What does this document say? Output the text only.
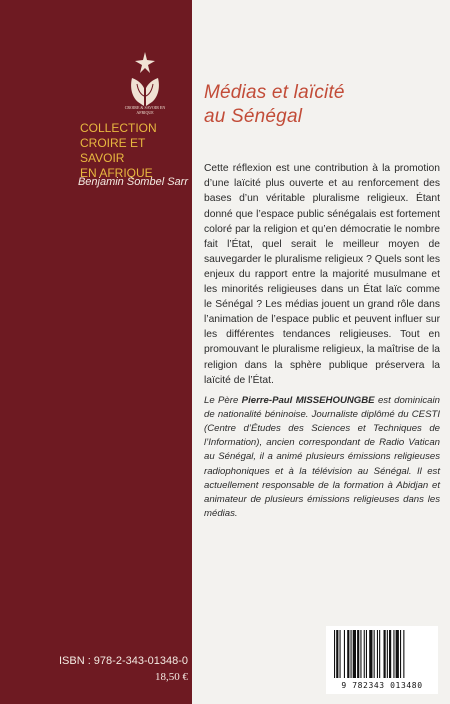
CROIRE & SAVOIR EN AFRIQUE
COLLECTION
CROIRE ET SAVOIR
EN AFRIQUE
Benjamin Sombel Sarr
ISBN : 978-2-343-01348-0
18,50 €
Médias et laïcité
au Sénégal

Cette réflexion est une contribution à la promotion d’une laïcité plus ouverte et au renforcement des bases d’un véritable pluralisme religieux. Étant donné que l’espace public sénégalais est fortement coloré par la religion et qu’en démocratie le nombre fait l’État, quel serait le meilleur moyen de sauvegarder le pluralisme religieux ? Quels sont les enjeux du rapport entre la majorité musulmane et les minorités religieuses dans un État laïc comme le Sénégal ? Les médias jouent un grand rôle dans l’animation de l’espace public et peuvent influer sur les différentes tendances religieuses. Tout en promouvant le pluralisme religieux, la maîtrise de la religion dans la sphère publique préservera la laïcité de l’État.

Le Père Pierre-Paul MISSEHOUNGBE est dominicain de nationalité béninoise. Journaliste diplômé du CESTI (Centre d’Études des Sciences et Techniques de l’Information), ancien correspondant de Radio Vatican au Sénégal, il a animé plusieurs émissions religieuses radiophoniques et à la télévision au Sénégal. Il est actuellement responsable de la formation à Abidjan et animateur de plusieurs émissions religieuses dans les médias.

9 782343 013480
